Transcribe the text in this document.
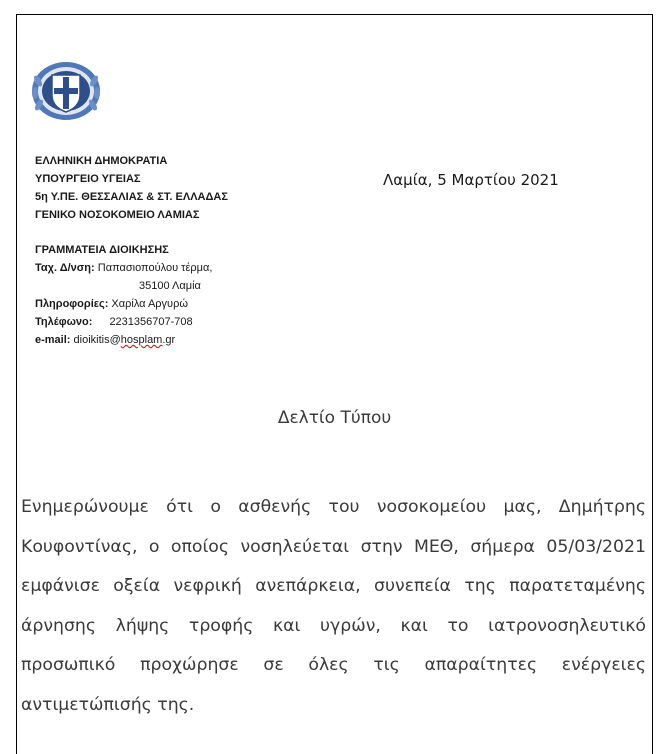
ΕΛΛΗΝΙΚΗ ΔΗΜΟΚΡΑΤΙΑ
ΥΠΟΥΡΓΕΙΟ ΥΓΕΙΑΣ
5η Υ.ΠΕ. ΘΕΣΣΑΛΙΑΣ & ΣΤ. ΕΛΛΑΔΑΣ
ΓΕΝΙΚΟ ΝΟΣΟΚΟΜΕΙΟ ΛΑΜΙΑΣ
ΓΡΑΜΜΑΤΕΙΑ ΔΙΟΙΚΗΣΗΣ
Ταχ. Δ/νση: Παπασιοπούλου τέρμα,
35100 Λαμία
Πληροφορίες: Χαρίλα Αργυρώ
Τηλέφωνο: 2231356707-708
e-mail: dioikitis@hosplam.gr
Λαμία, 5 Μαρτίου 2021
Δελτίο Τύπου
Ενημερώνουμε ότι ο ασθενής του νοσοκομείου μας, Δημήτρης Κουφοντίνας, ο οποίος νοσηλεύεται στην ΜΕΘ, σήμερα 05/03/2021 εμφάνισε οξεία νεφρική ανεπάρκεια, συνεπεία της παρατεταμένης άρνησης λήψης τροφής και υγρών, και το ιατρονοσηλευτικό προσωπικό προχώρησε σε όλες τις απαραίτητες ενέργειες αντιμετώπισής της.
